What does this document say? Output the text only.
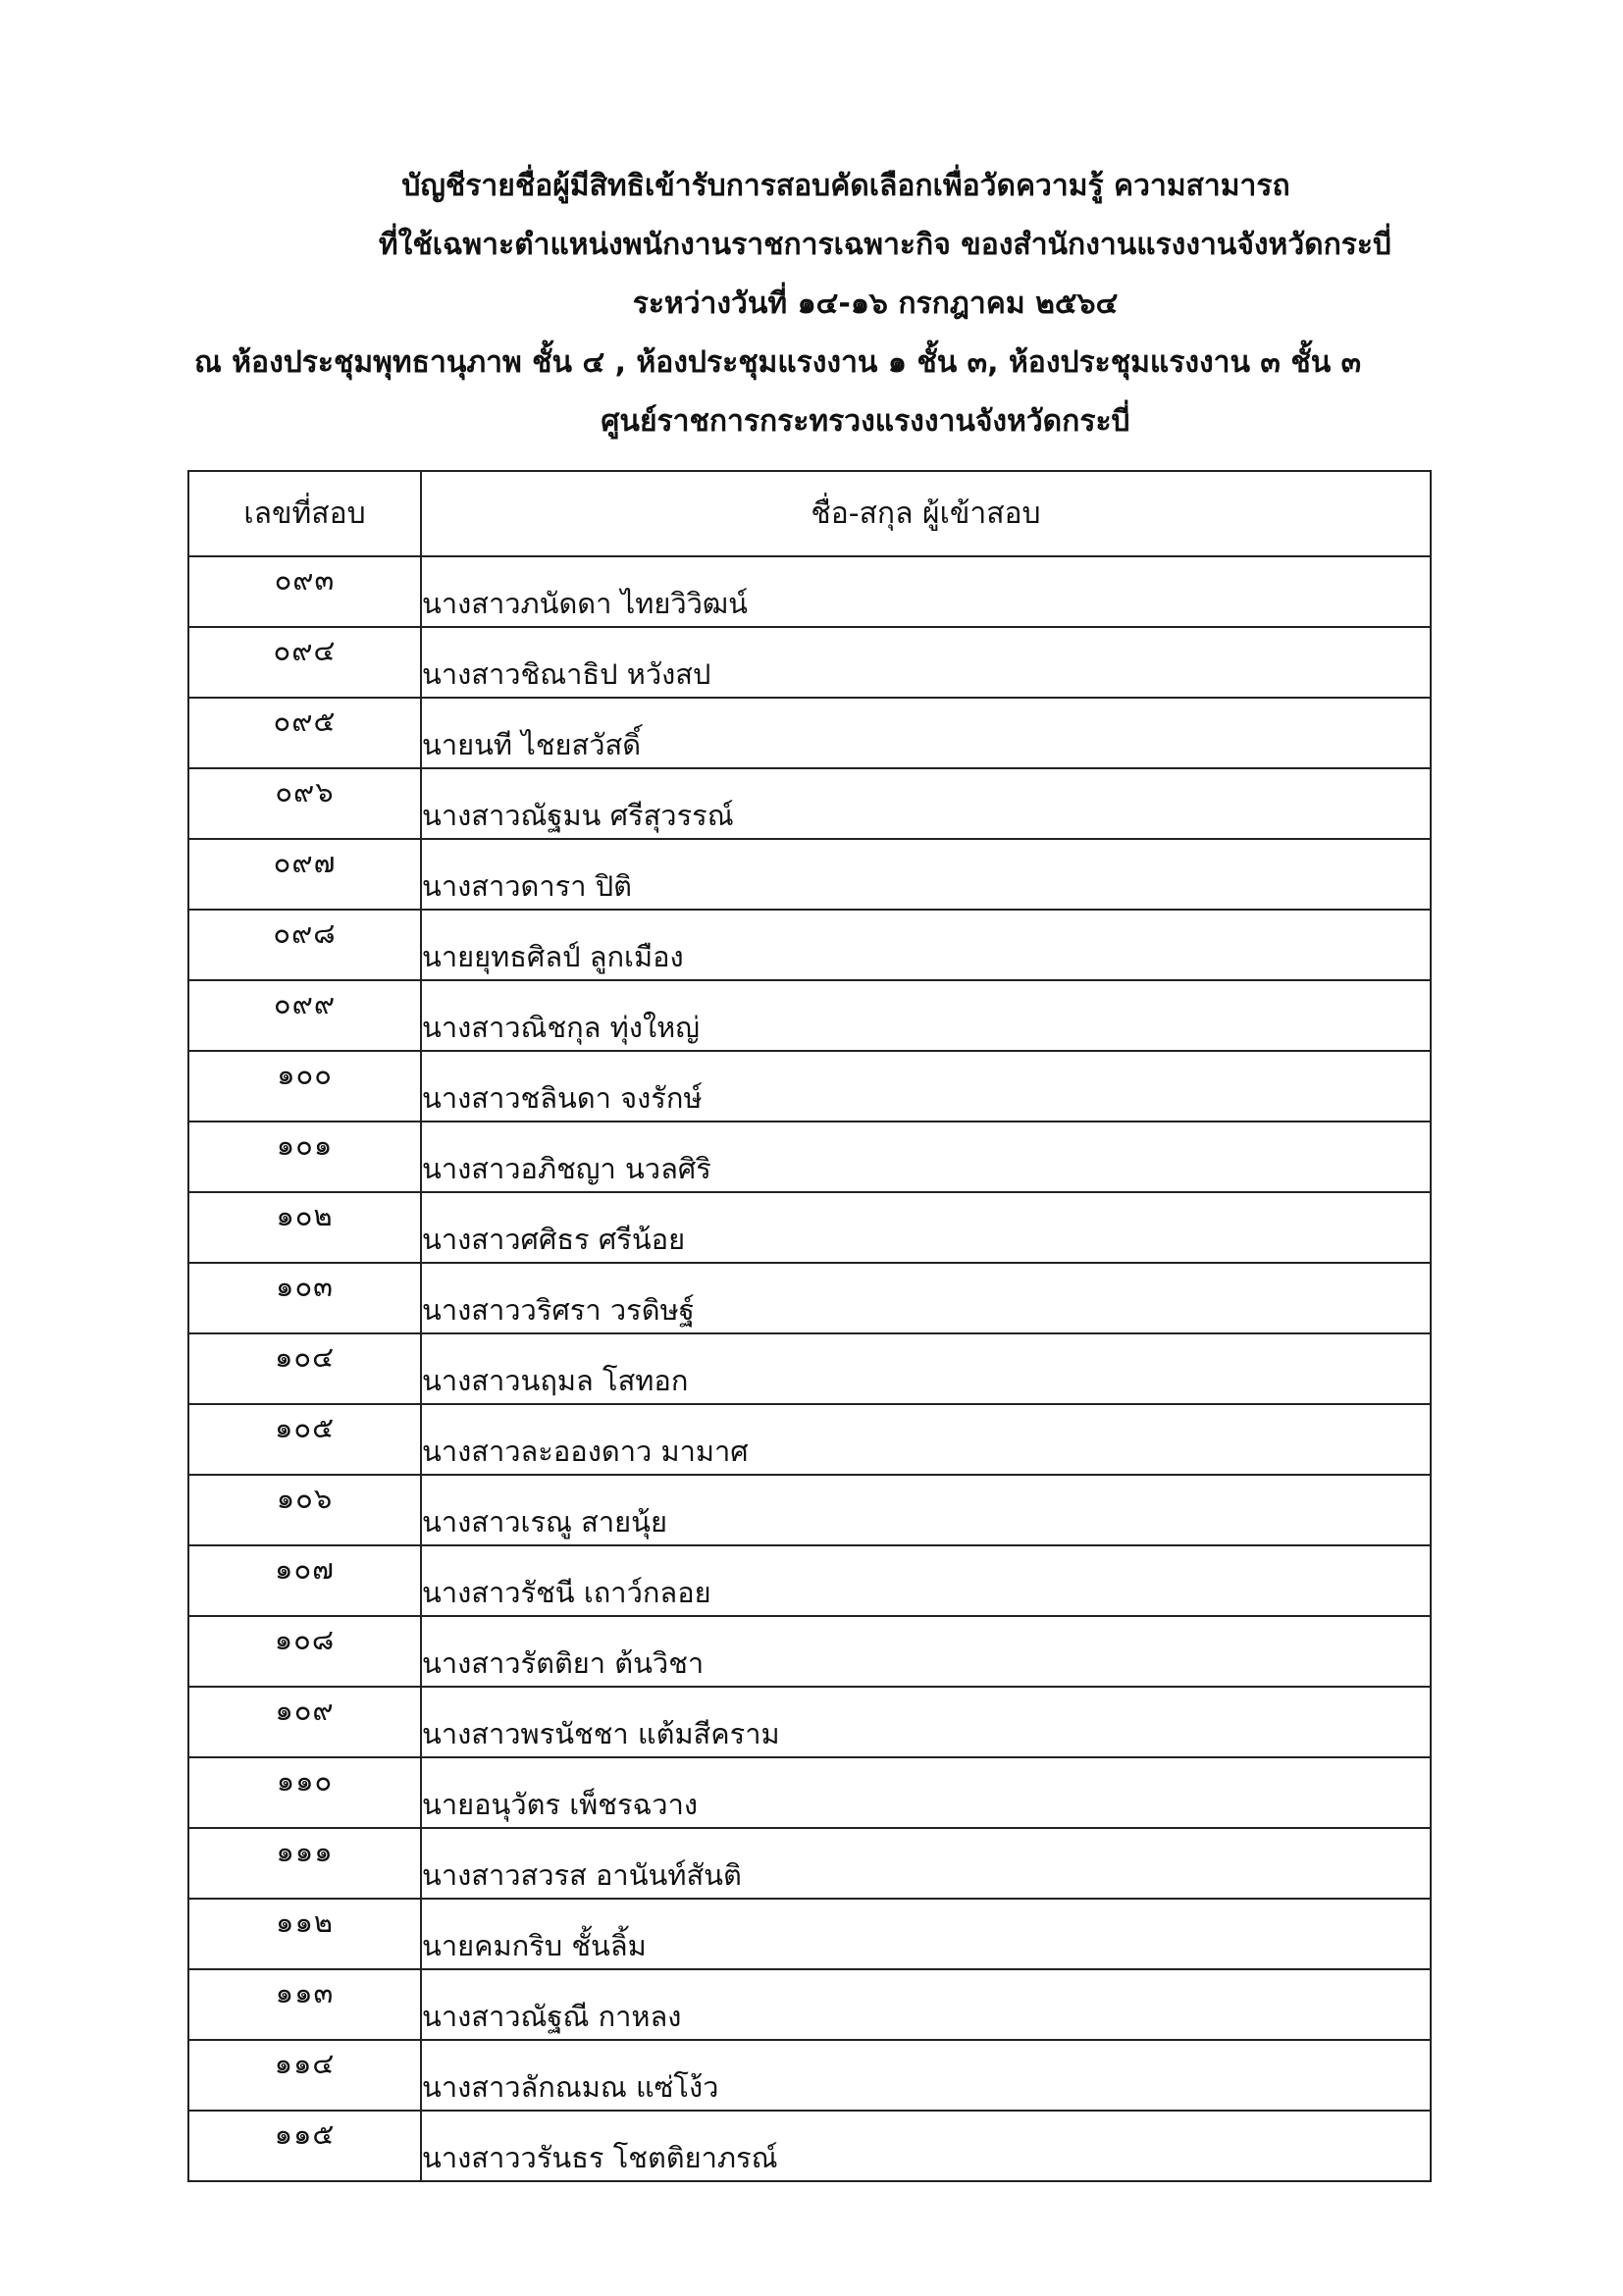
บัญชีรายชื่อผู้มีสิทธิเข้ารับการสอบคัดเลือกเพื่อวัดความรู้ ความสามารถ
ที่ใช้เฉพาะตำแหน่งพนักงานราชการเฉพาะกิจ ของสำนักงานแรงงานจังหวัดกระบี่
ระหว่างวันที่ ๑๔-๑๖ กรกฎาคม ๒๕๖๔
ณ ห้องประชุมพุทธานุภาพ ชั้น ๔ , ห้องประชุมแรงงาน ๑ ชั้น ๓, ห้องประชุมแรงงาน ๓ ชั้น ๓
ศูนย์ราชการกระทรวงแรงงานจังหวัดกระบี่
เลขที่สอบ	ชื่อ-สกุล ผู้เข้าสอบ
๐๙๓	นางสาวภนัดดา ไทยวิวิฒน์
๐๙๔	นางสาวชิณาธิป หวังสป
๐๙๕	นายนที ไชยสวัสดิ์
๐๙๖	นางสาวณัฐมน ศรีสุวรรณ์
๐๙๗	นางสาวดารา ปิติ
๐๙๘	นายยุทธศิลป์ ลูกเมือง
๐๙๙	นางสาวณิชกุล ทุ่งใหญ่
๑๐๐	นางสาวชลินดา จงรักษ์
๑๐๑	นางสาวอภิชญา นวลศิริ
๑๐๒	นางสาวศศิธร ศรีน้อย
๑๐๓	นางสาววริศรา วรดิษฐ์
๑๐๔	นางสาวนฤมล โสทอก
๑๐๕	นางสาวละอองดาว มามาศ
๑๐๖	นางสาวเรณู สายนุ้ย
๑๐๗	นางสาวรัชนี เถาว์กลอย
๑๐๘	นางสาวรัตติยา ต้นวิชา
๑๐๙	นางสาวพรนัชชา แต้มสีคราม
๑๑๐	นายอนุวัตร เพ็ชรฉวาง
๑๑๑	นางสาวสวรส อานันท์สันติ
๑๑๒	นายคมกริบ ชั้นลิ้ม
๑๑๓	นางสาวณัฐณี กาหลง
๑๑๔	นางสาวลักณมณ แซ่โง้ว
๑๑๕	นางสาววรันธร โชตติยาภรณ์
